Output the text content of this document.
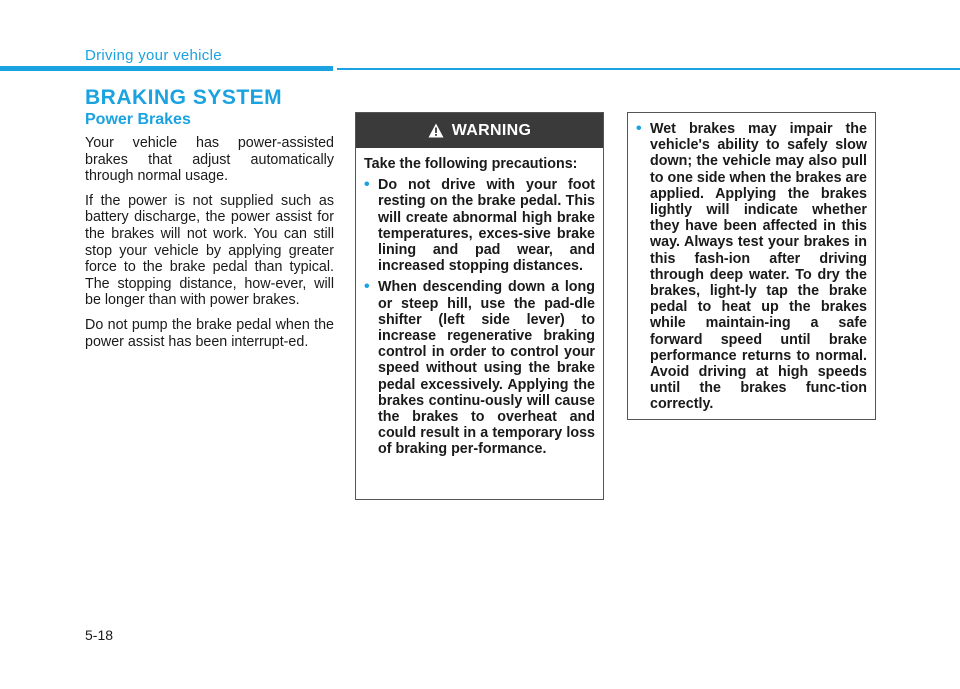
Driving your vehicle
BRAKING SYSTEM
Power Brakes

Your vehicle has power-assisted brakes that adjust automatically through normal usage.

If the power is not supplied such as battery discharge, the power assist for the brakes will not work. You can still stop your vehicle by applying greater force to the brake pedal than typical. The stopping distance, how-ever, will be longer than with power brakes.

Do not pump the brake pedal when the power assist has been interrupt-ed.

WARNING

Take the following precautions:

• Do not drive with your foot resting on the brake pedal. This will create abnormal high brake temperatures, exces-sive brake lining and pad wear, and increased stopping distances.
• When descending down a long or steep hill, use the pad-dle shifter (left side lever) to increase regenerative braking control in order to control your speed without using the brake pedal excessively. Applying the brakes continu-ously will cause the brakes to overheat and could result in a temporary loss of braking per-formance.
• Wet brakes may impair the vehicle's ability to safely slow down; the vehicle may also pull to one side when the brakes are applied. Applying the brakes lightly will indicate whether they have been affected in this way. Always test your brakes in this fash-ion after driving through deep water. To dry the brakes, light-ly tap the brake pedal to heat up the brakes while maintain-ing a safe forward speed until brake performance returns to normal. Avoid driving at high speeds until the brakes func-tion correctly.
5-18
